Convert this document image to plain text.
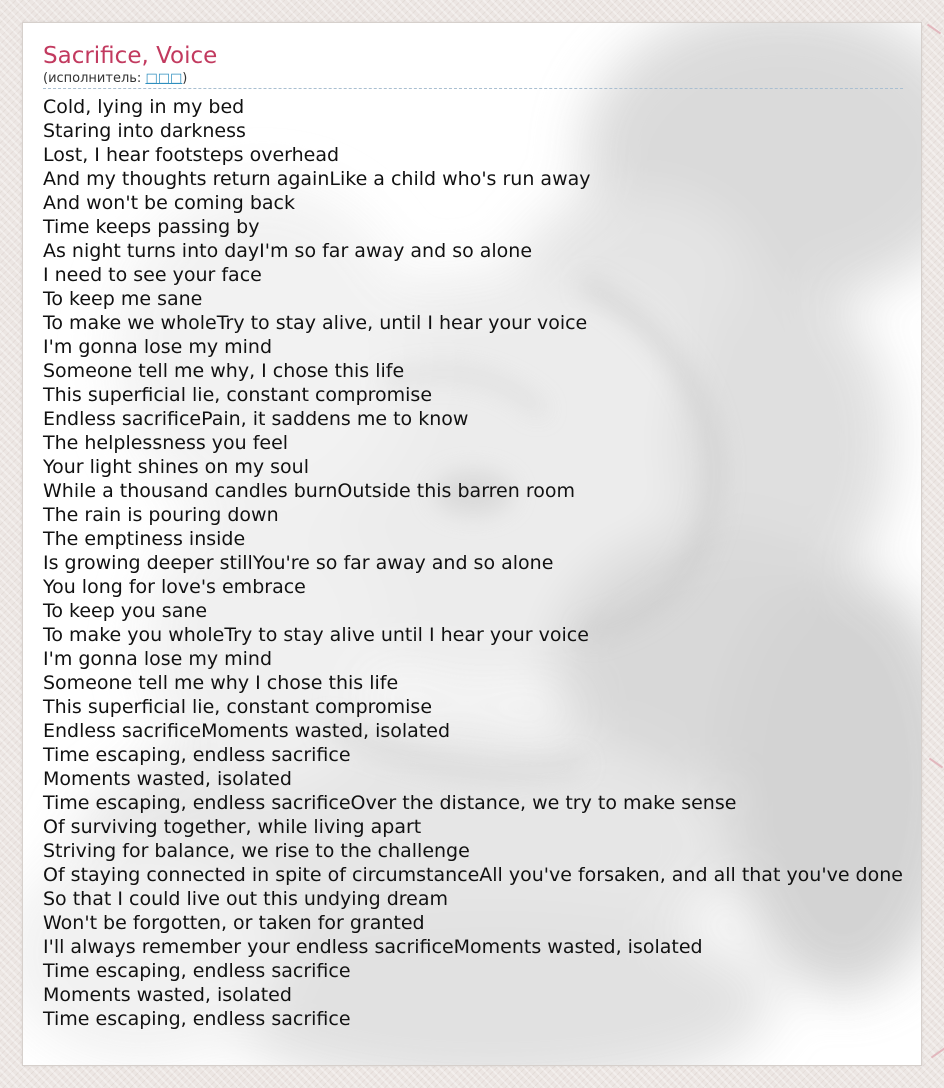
Sacrifice, Voice
(исполнитель: □□□)
Cold, lying in my bed
Staring into darkness
Lost, I hear footsteps overhead
And my thoughts return againLike a child who's run away
And won't be coming back
Time keeps passing by
As night turns into dayI'm so far away and so alone
I need to see your face
To keep me sane
To make we wholeTry to stay alive, until I hear your voice
I'm gonna lose my mind
Someone tell me why, I chose this life
This superficial lie, constant compromise
Endless sacrificePain, it saddens me to know
The helplessness you feel
Your light shines on my soul
While a thousand candles burnOutside this barren room
The rain is pouring down
The emptiness inside
Is growing deeper stillYou're so far away and so alone
You long for love's embrace
To keep you sane
To make you wholeTry to stay alive until I hear your voice
I'm gonna lose my mind
Someone tell me why I chose this life
This superficial lie, constant compromise
Endless sacrificeMoments wasted, isolated
Time escaping, endless sacrifice
Moments wasted, isolated
Time escaping, endless sacrificeOver the distance, we try to make sense
Of surviving together, while living apart
Striving for balance, we rise to the challenge
Of staying connected in spite of circumstanceAll you've forsaken, and all that you've done
So that I could live out this undying dream
Won't be forgotten, or taken for granted
I'll always remember your endless sacrificeMoments wasted, isolated
Time escaping, endless sacrifice
Moments wasted, isolated
Time escaping, endless sacrifice
